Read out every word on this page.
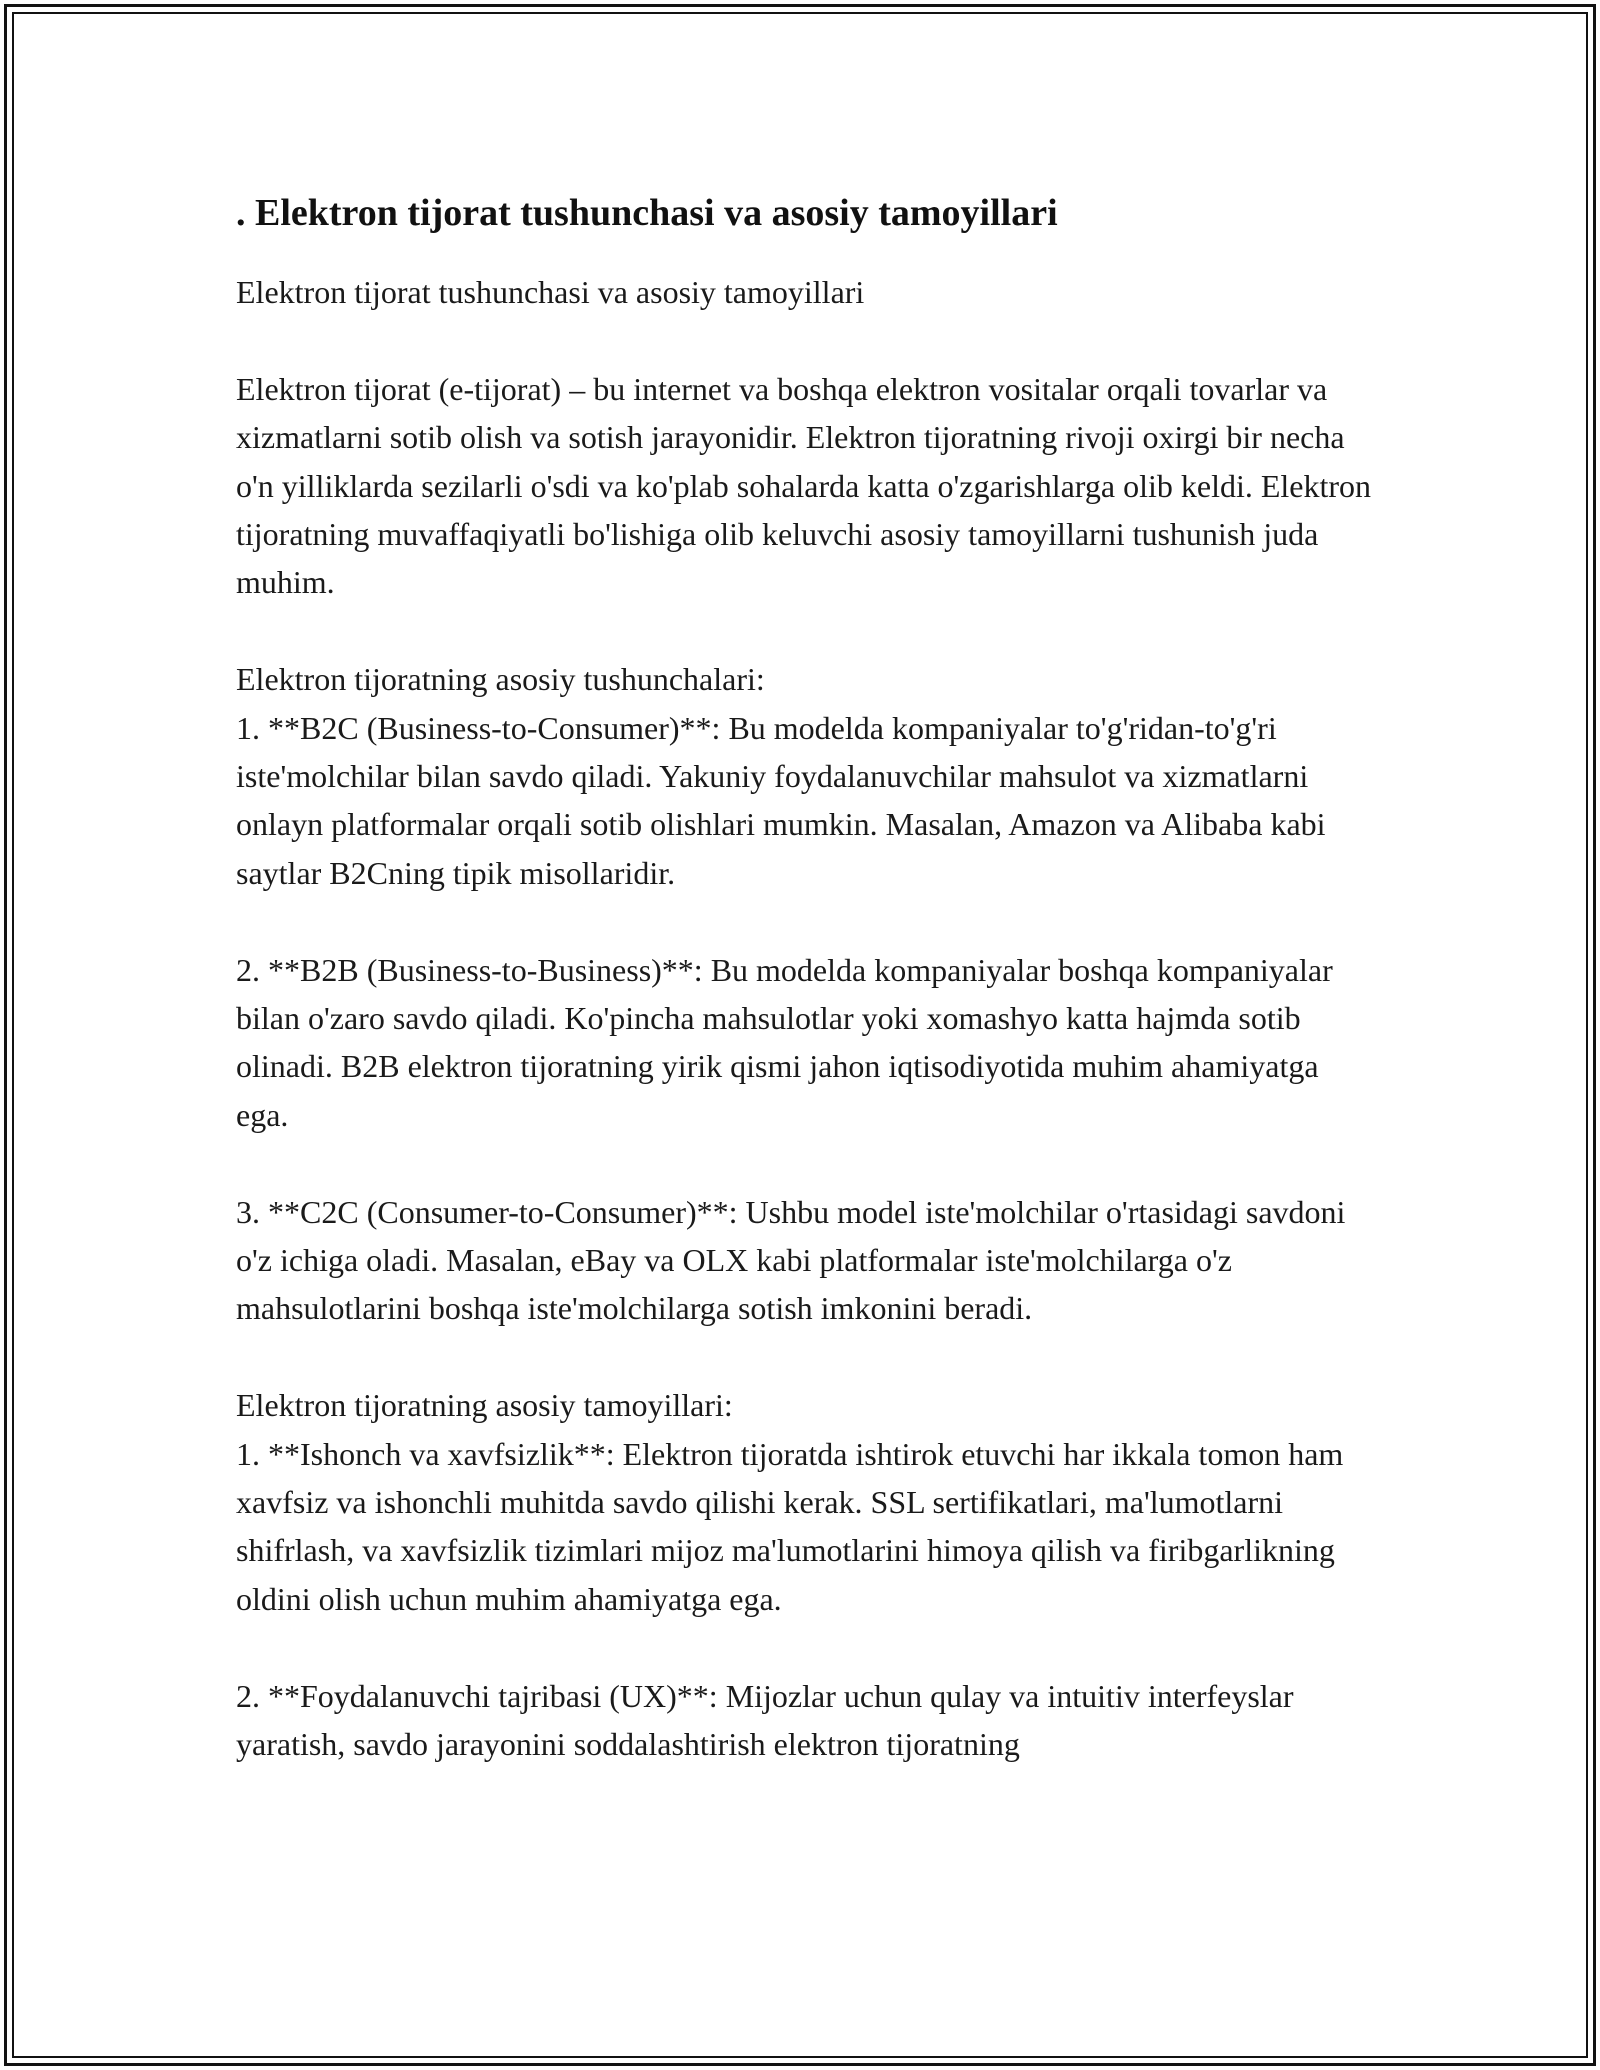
. Elektron tijorat tushunchasi va asosiy tamoyillari

Elektron tijorat tushunchasi va asosiy tamoyillari

Elektron tijorat (e-tijorat) – bu internet va boshqa elektron vositalar orqali tovarlar va xizmatlarni sotib olish va sotish jarayonidir. Elektron tijoratning rivoji oxirgi bir necha o'n yilliklarda sezilarli o'sdi va ko'plab sohalarda katta o'zgarishlarga olib keldi. Elektron tijoratning muvaffaqiyatli bo'lishiga olib keluvchi asosiy tamoyillarni tushunish juda muhim.

Elektron tijoratning asosiy tushunchalari:

1. **B2C (Business-to-Consumer)**: Bu modelda kompaniyalar to'g'ridan-to'g'ri iste'molchilar bilan savdo qiladi. Yakuniy foydalanuvchilar mahsulot va xizmatlarni onlayn platformalar orqali sotib olishlari mumkin. Masalan, Amazon va Alibaba kabi saytlar B2Cning tipik misollaridir.

2. **B2B (Business-to-Business)**: Bu modelda kompaniyalar boshqa kompaniyalar bilan o'zaro savdo qiladi. Ko'pincha mahsulotlar yoki xomashyo katta hajmda sotib olinadi. B2B elektron tijoratning yirik qismi jahon iqtisodiyotida muhim ahamiyatga ega.

3. **C2C (Consumer-to-Consumer)**: Ushbu model iste'molchilar o'rtasidagi savdoni o'z ichiga oladi. Masalan, eBay va OLX kabi platformalar iste'molchilarga o'z mahsulotlarini boshqa iste'molchilarga sotish imkonini beradi.

Elektron tijoratning asosiy tamoyillari:

1. **Ishonch va xavfsizlik**: Elektron tijoratda ishtirok etuvchi har ikkala tomon ham xavfsiz va ishonchli muhitda savdo qilishi kerak. SSL sertifikatlari, ma'lumotlarni shifrlash, va xavfsizlik tizimlari mijoz ma'lumotlarini himoya qilish va firibgarlikning oldini olish uchun muhim ahamiyatga ega.

2. **Foydalanuvchi tajribasi (UX)**: Mijozlar uchun qulay va intuitiv interfeyslar yaratish, savdo jarayonini soddalashtirish elektron tijoratning
